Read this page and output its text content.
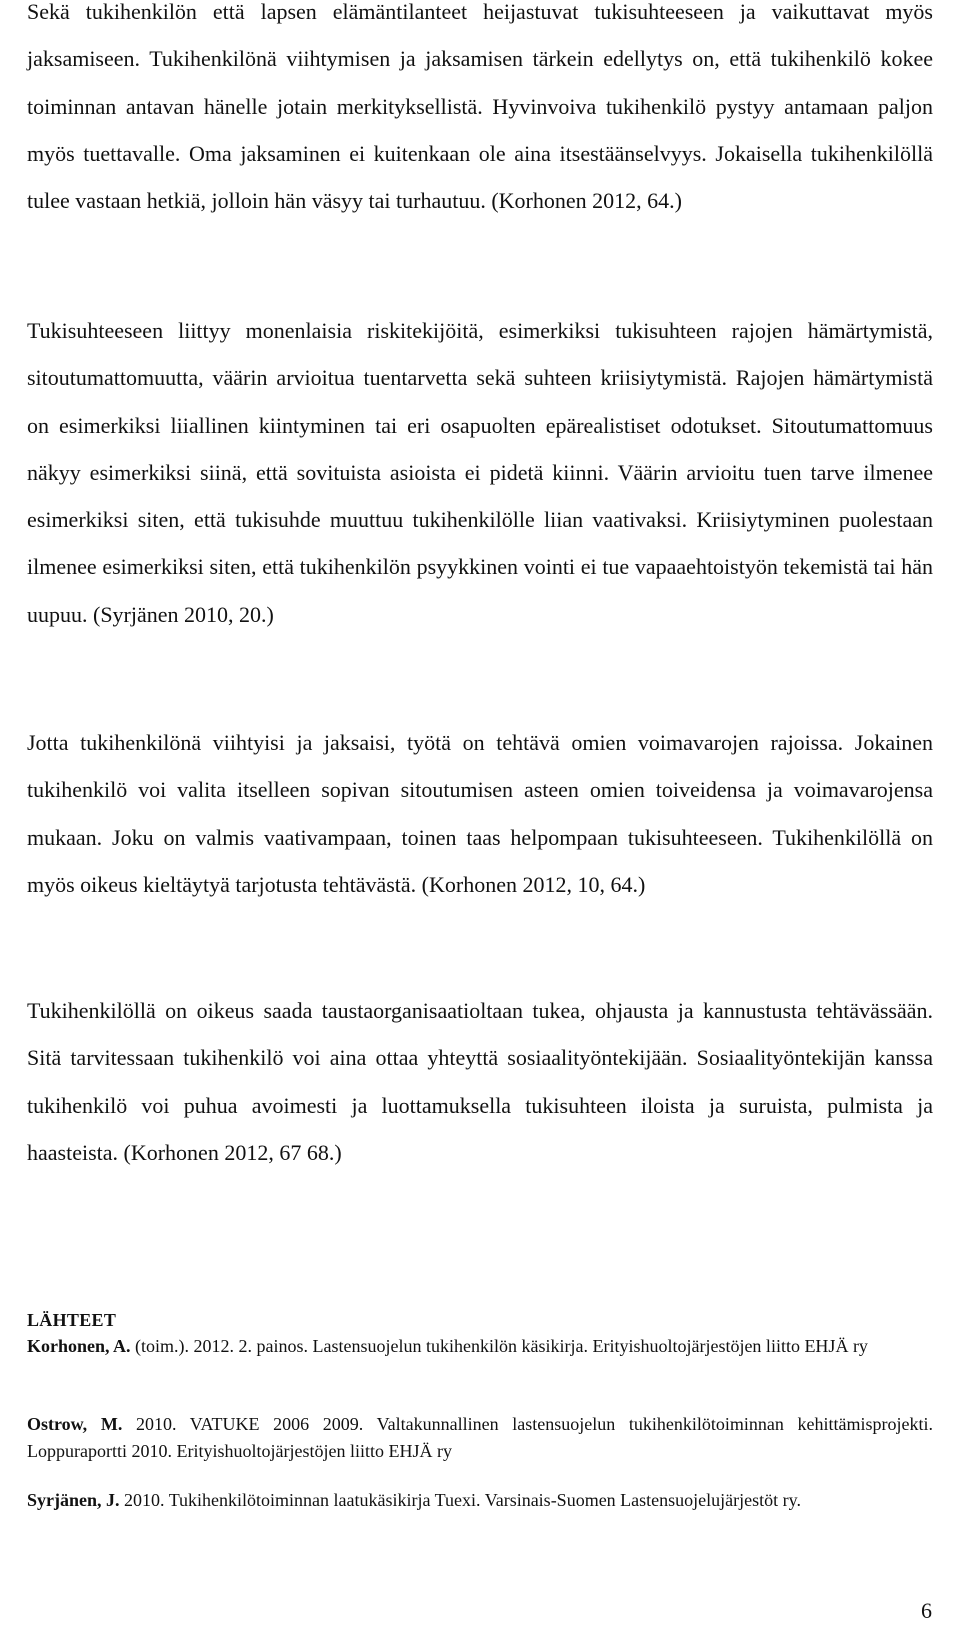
Sekä tukihenkilön että lapsen elämäntilanteet heijastuvat tukisuhteeseen ja vaikuttavat myös jaksamiseen. Tukihenkilönä viihtymisen ja jaksamisen tärkein edellytys on, että tukihenkilö kokee toiminnan antavan hänelle jotain merkityksellistä. Hyvinvoiva tukihenkilö pystyy antamaan paljon myös tuettavalle. Oma jaksaminen ei kuitenkaan ole aina itsestäänselvyys. Jokaisella tukihenkilöllä tulee vastaan hetkiä, jolloin hän väsyy tai turhautuu. (Korhonen 2012, 64.)

Tukisuhteeseen liittyy monenlaisia riskitekijöitä, esimerkiksi tukisuhteen rajojen hämärtymistä, sitoutumattomuutta, väärin arvioitua tuentarvetta sekä suhteen kriisiytymistä. Rajojen hämärtymistä on esimerkiksi liiallinen kiintyminen tai eri osapuolten epärealistiset odotukset. Sitoutumattomuus näkyy esimerkiksi siinä, että sovituista asioista ei pidetä kiinni. Väärin arvioitu tuen tarve ilmenee esimerkiksi siten, että tukisuhde muuttuu tukihenkilölle liian vaativaksi. Kriisiytyminen puolestaan ilmenee esimerkiksi siten, että tukihenkilön psyykkinen vointi ei tue vapaaehtoistyön tekemistä tai hän uupuu. (Syrjänen 2010, 20.)

Jotta tukihenkilönä viihtyisi ja jaksaisi, työtä on tehtävä omien voimavarojen rajoissa. Jokainen tukihenkilö voi valita itselleen sopivan sitoutumisen asteen omien toiveidensa ja voimavarojensa mukaan. Joku on valmis vaativampaan, toinen taas helpompaan tukisuhteeseen. Tukihenkilöllä on myös oikeus kieltäytyä tarjotusta tehtävästä. (Korhonen 2012, 10, 64.)

Tukihenkilöllä on oikeus saada taustaorganisaatioltaan tukea, ohjausta ja kannustusta tehtävässään. Sitä tarvitessaan tukihenkilö voi aina ottaa yhteyttä sosiaalityöntekijään. Sosiaalityöntekijän kanssa tukihenkilö voi puhua avoimesti ja luottamuksella tukisuhteen iloista ja suruista, pulmista ja haasteista. (Korhonen 2012, 67 68.)

LÄHTEET

Korhonen, A. (toim.). 2012. 2. painos. Lastensuojelun tukihenkilön käsikirja. Erityishuoltojärjestöjen liitto EHJÄ ry

Ostrow, M. 2010. VATUKE 2006 2009. Valtakunnallinen lastensuojelun tukihenkilötoiminnan kehittämisprojekti. Loppuraportti 2010. Erityishuoltojärjestöjen liitto EHJÄ ry

Syrjänen, J. 2010. Tukihenkilötoiminnan laatukäsikirja Tuexi. Varsinais-Suomen Lastensuojelujärjestöt ry.

6
